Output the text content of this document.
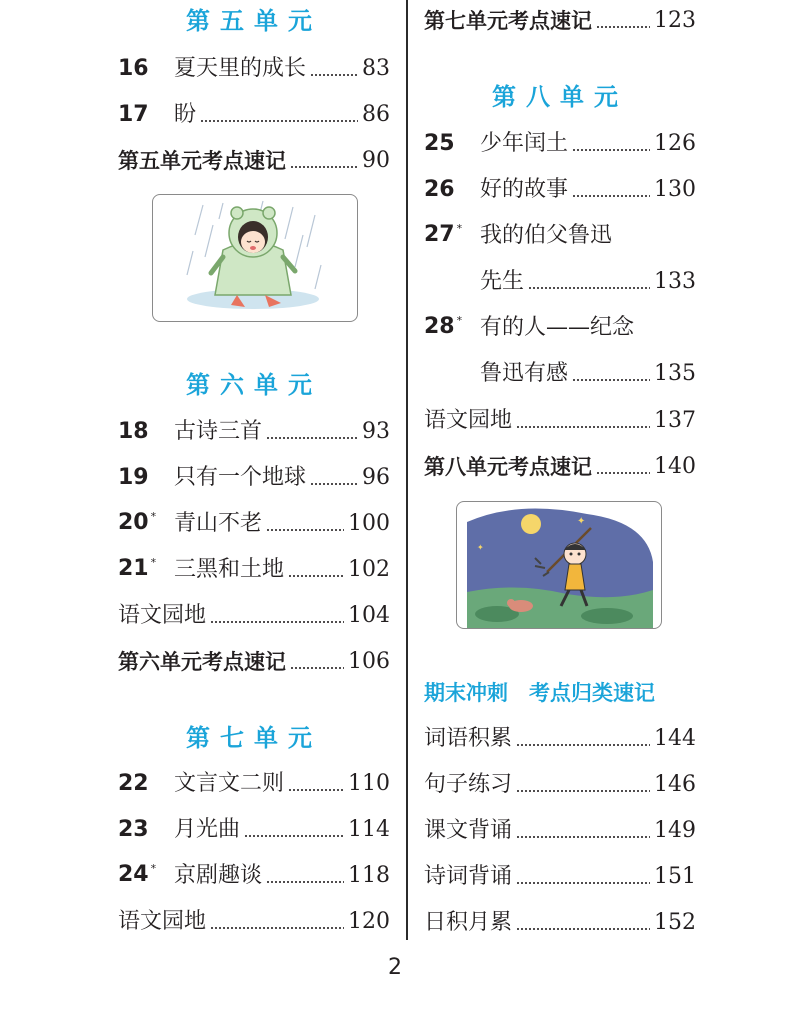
第五单元
16	夏天里的成长	83
17	盼	86
第五单元考点速记	90
第六单元
18	古诗三首	93
19	只有一个地球	96
20 * 青山不老	100
21 * 三黑和土地	102
语文园地	104
第六单元考点速记	106
第七单元
22	文言文二则	110
23	月光曲	114
24 * 京剧趣谈	118
语文园地	120
第七单元考点速记	123
第八单元
25	少年闰土	126
26	好的故事	130
27 * 我的伯父鲁迅
先生	133
28 * 有的人——纪念
鲁迅有感	135
语文园地	137
第八单元考点速记	140
✦
✦
期末冲刺　考点归类速记
词语积累	144
句子练习	146
课文背诵	149
诗词背诵	151
日积月累	152
2
